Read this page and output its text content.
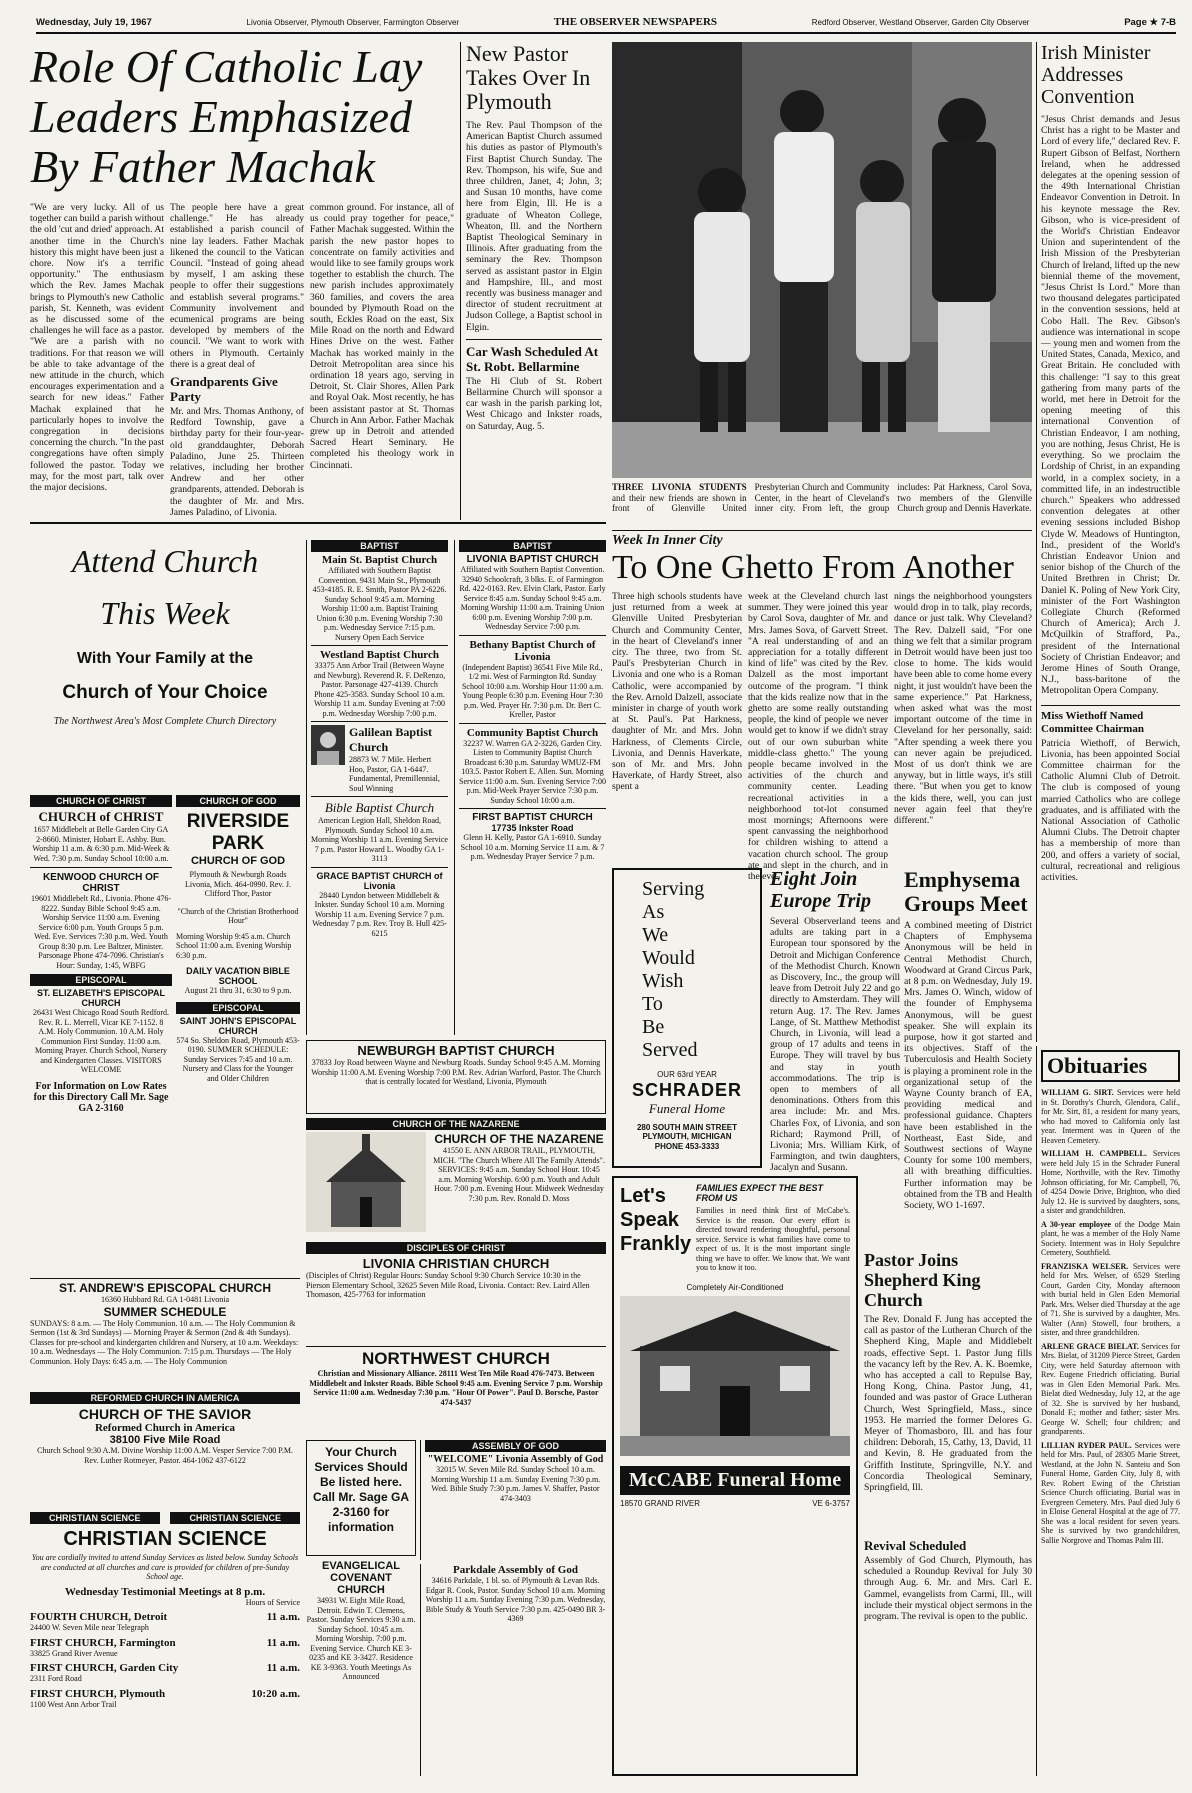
Wednesday, July 19, 1967	Livonia Observer, Plymouth Observer, Farmington Observer	THE OBSERVER NEWSPAPERS	Redford Observer, Westland Observer, Garden City Observer	Page ★ 7-B
Role Of Catholic Lay Leaders Emphasized By Father Machak
"We are very lucky. All of us together can build a parish without the old 'cut and dried' approach. At another time in the Church's history this might have been just a chore. Now it's a terrific opportunity." The enthusiasm which the Rev. James Machak brings to Plymouth's new Catholic parish, St. Kenneth, was evident as he discussed some of the challenges he will face as a pastor. "We are a parish with no traditions. For that reason we will be able to take advantage of the new attitude in the church, which encourages experimentation and a search for new ideas." Father Machak explained that he particularly hopes to involve the congregation in decisions concerning the church. "In the past congregations have often simply followed the pastor. Today we may, for the most part, talk over the major decisions.
The people here have a great challenge." He has already established a parish council of nine lay leaders. Father Machak likened the council to the Vatican Council. "Instead of going ahead by myself, I am asking these people to offer their suggestions and establish several programs." Community involvement and ecumenical programs are being developed by members of the council. "We want to work with others in Plymouth. Certainly there is a great deal of
Grandparents Give Party
Mr. and Mrs. Thomas Anthony, of Redford Township, gave a birthday party for their four-year-old granddaughter, Deborah Paladino, June 25. Thirteen relatives, including her brother Andrew and her other grandparents, attended. Deborah is the daughter of Mr. and Mrs. James Paladino, of Livonia.
common ground. For instance, all of us could pray together for peace," Father Machak suggested. Within the parish the new pastor hopes to concentrate on family activities and would like to see family groups work together to establish the church. The new parish includes approximately 360 families, and covers the area bounded by Plymouth Road on the south, Eckles Road on the east, Six Mile Road on the north and Edward Hines Drive on the west. Father Machak has worked mainly in the Detroit Metropolitan area since his ordination 18 years ago, serving in Detroit, St. Clair Shores, Allen Park and Royal Oak. Most recently, he has been assistant pastor at St. Thomas Church in Ann Arbor. Father Machak grew up in Detroit and attended Sacred Heart Seminary. He completed his theology work in Cincinnati.
New Pastor Takes Over In Plymouth
The Rev. Paul Thompson of the American Baptist Church assumed his duties as pastor of Plymouth's First Baptist Church Sunday. The Rev. Thompson, his wife, Sue and three children, Janet, 4; John, 3; and Susan 10 months, have come here from Elgin, Ill. He is a graduate of Wheaton College, Wheaton, Ill. and the Northern Baptist Theological Seminary in Illinois. After graduating from the seminary the Rev. Thompson served as assistant pastor in Elgin and Hampshire, Ill., and most recently was business manager and director of student recruitment at Judson College, a Baptist school in Elgin.
Car Wash Scheduled At St. Robt. Bellarmine
The Hi Club of St. Robert Bellarmine Church will sponsor a car wash in the parish parking lot, West Chicago and Inkster roads, on Saturday, Aug. 5.
THREE LIVONIA STUDENTS and their new friends are shown in front of Glenville United Presbyterian Church and Community Center, in the heart of Cleveland's inner city. From left, the group includes: Pat Harkness, Carol Sova, two members of the Glenville Church group and Dennis Haverkate.
Irish Minister Addresses Convention
"Jesus Christ demands and Jesus Christ has a right to be Master and Lord of every life," declared Rev. F. Rupert Gibson of Belfast, Northern Ireland, when he addressed delegates at the opening session of the 49th International Christian Endeavor Convention in Detroit. In his keynote message the Rev. Gibson, who is vice-president of the World's Christian Endeavor Union and superintendent of the Irish Mission of the Presbyterian Church of Ireland, lifted up the new biennial theme of the movement, "Jesus Christ Is Lord." More than two thousand delegates participated in the convention sessions, held at Cobo Hall. The Rev. Gibson's audience was international in scope — young men and women from the United States, Canada, Mexico, and Great Britain. He concluded with this challenge: "I say to this great gathering from many parts of the world, met here in Detroit for the opening meeting of this international Convention of Christian Endeavor, I am nothing, you are nothing, Jesus Christ, He is everything. So we proclaim the Lordship of Christ, in an expanding world, in a complex society, in a committed life, in an indestructible church." Speakers who addressed convention delegates at other evening sessions included Bishop Clyde W. Meadows of Huntington, Ind., president of the World's Christian Endeavor Union and senior bishop of the Church of the United Brethren in Christ; Dr. Daniel K. Poling of New York City, minister of the Fort Washington Collegiate Church (Reformed Church of America); Arch J. McQuilkin of Strafford, Pa., president of the International Society of Christian Endeavor; and Jerome Hines of South Orange, N.J., bass-baritone of the Metropolitan Opera Company.
Miss Wiethoff Named Committee Chairman
Patricia Wiethoff, of Berwich, Livonia, has been appointed Social Committee chairman for the Catholic Alumni Club of Detroit. The club is composed of young married Catholics who are college graduates, and is affiliated with the National Association of Catholic Alumni Clubs. The Detroit chapter has a membership of more than 200, and offers a variety of social, cultural, recreational and religious activities.
Obituaries
WILLIAM G. SIRT. Services were held in St. Dorothy's Church, Glendora, Calif., for Mr. Sirt, 81, a resident for many years, who had moved to California only last year. Interment was in Queen of the Heaven Cemetery.
WILLIAM H. CAMPBELL. Services were held July 15 in the Schrader Funeral Home, Northville, with the Rev. Timothy Johnson officiating, for Mr. Campbell, 76, of 4254 Dowie Drive, Brighton, who died July 12. He is survived by daughters, sons, a sister and grandchildren.
A 30-year employee of the Dodge Main plant, he was a member of the Holy Name Society. Interment was in Holy Sepulchre Cemetery, Southfield.
FRANZISKA WELSER. Services were held for Mrs. Welser, of 6529 Sterling Court, Garden City, Monday afternoon with burial held in Glen Eden Memorial Park. Mrs. Welser died Thursday at the age of 71. She is survived by a daughter, Mrs. Walter (Ann) Stowell, four brothers, a sister, and three grandchildren.
ARLENE GRACE BIELAT. Services for Mrs. Bielat, of 31209 Pierce Street, Garden City, were held Saturday afternoon with Rev. Eugene Friedrich officiating. Burial was in Glen Eden Memorial Park. Mrs. Bielat died Wednesday, July 12, at the age of 32. She is survived by her husband, Donald F.; mother and father; sister Mrs. George W. Schell; four children; and grandparents.
LILLIAN RYDER PAUL. Services were held for Mrs. Paul, of 28305 Marie Street, Westland, at the John N. Santeiu and Son Funeral Home, Garden City, July 8, with Rev. Robert Ewing of the Christian Science Church officiating. Burial was in Evergreen Cemetery. Mrs. Paul died July 6 in Eloise General Hospital at the age of 77. She was a local resident for seven years. She is survived by two grandchildren, Sallie Norgrove and Thomas Palm III.
Week In Inner City
To One Ghetto From Another
Three high schools students have just returned from a week at Glenville United Presbyterian Church and Community Center, in the heart of Cleveland's inner city. The three, two from St. Paul's Presbyterian Church in Livonia and one who is a Roman Catholic, were accompanied by the Rev. Arnold Dalzell, associate minister in charge of youth work at St. Paul's. Pat Harkness, daughter of Mr. and Mrs. John Harkness, of Clements Circle, Livonia, and Dennis Haverkate, son of Mr. and Mrs. John Haverkate, of Hardy Street, also spent a
week at the Cleveland church last summer. They were joined this year by Carol Sova, daughter of Mr. and Mrs. James Sova, of Garvett Street. "A real understanding of and an appreciation for a totally different kind of life" was cited by the Rev. Dalzell as the most important outcome of the program. "I think that the kids realize now that in the ghetto are some really outstanding people, the kind of people we never would get to know if we didn't stray out of our own suburban white middle-class ghetto." The young people became involved in the activities of the church and community center. Leading recreational activities in a neighborhood tot-lot consumed most mornings; Afternoons were spent canvassing the neighborhood for children wishing to attend a vacation church school. The group ate and slept in the church, and in the eve-
nings the neighborhood youngsters would drop in to talk, play records, dance or just talk. Why Cleveland? The Rev. Dalzell said, "For one thing we felt that a similar program in Detroit would have been just too close to home. The kids would have been able to come home every night, it just wouldn't have been the same experience." Pat Harkness, when asked what was the most important outcome of the time in Cleveland for her personally, said: "After spending a week there you can never again be prejudiced. Most of us don't think we are anyway, but in little ways, it's still there. "But when you get to know the kids there, well, you can just never again feel that they're different."
Serving
As
We
Would
Wish
To
Be
Served
OUR 63rd YEAR
SCHRADER
Funeral Home
280 SOUTH MAIN STREET
PLYMOUTH, MICHIGAN
PHONE 453-3333
Let's Speak Frankly
FAMILIES EXPECT THE BEST FROM US
Families in need think first of McCabe's. Service is the reason. Our every effort is directed toward rendering thoughtful, personal service. Service is what families have come to expect of us. It is the most important single thing we have to offer. We know that. We want you to know it too.
Completely Air-Conditioned
McCABE Funeral Home
18570 GRAND RIVER	VE 6-3757
Eight Join Europe Trip
Several Observerland teens and adults are taking part in a European tour sponsored by the Detroit and Michigan Conference of the Methodist Church. Known as Discovery, Inc., the group will leave from Detroit July 22 and go directly to Amsterdam. They will return Aug. 17. The Rev. James Lange, of St. Matthew Methodist Church, in Livonia, will lead a group of 17 adults and teens in Europe. They will travel by bus and stay in youth accommodations. The trip is open to members of all denominations. Others from this area include: Mr. and Mrs. Charles Fox, of Livonia, and son Richard; Raymond Prill, of Livonia; Mrs. William Kirk, of Farmington, and twin daughters, Jacalyn and Susann.
Emphysema Groups Meet
A combined meeting of District Chapters of Emphysema Anonymous will be held in Central Methodist Church, Woodward at Grand Circus Park, at 8 p.m. on Wednesday, July 19. Mrs. James O. Winch, widow of the founder of Emphysema Anonymous, will be guest speaker. She will explain its purpose, how it got started and its objectives. Staff of the Tuberculosis and Health Society is playing a prominent role in the organizational setup of the Wayne County branch of EA, providing medical and professional guidance. Chapters have been established in the Northeast, East Side, and Southwest sections of Wayne County for some 100 members, all with breathing difficulties. Further information may be obtained from the TB and Health Society, WO 1-1697.
Pastor Joins Shepherd King Church
The Rev. Donald F. Jung has accepted the call as pastor of the Lutheran Church of the Shepherd King, Maple and Middlebelt roads, effective Sept. 1. Pastor Jung fills the vacancy left by the Rev. A. K. Boemke, who has accepted a call to Repulse Bay, Hong Kong, China. Pastor Jung, 41, founded and was pastor of Grace Lutheran Church, West Springfield, Mass., since 1953. He married the former Delores G. Meyer of Thomasboro, Ill. and has four children: Deborah, 15, Cathy, 13, David, 11 and Kevin, 8. He graduated from the Griffith Institute, Springville, N.Y. and Concordia Theological Seminary, Springfield, Ill.
Revival Scheduled
Assembly of God Church, Plymouth, has scheduled a Roundup Revival for July 30 through Aug. 6. Mr. and Mrs. Carl E. Gammel, evangelists from Carmi, Ill., will include their mystical object sermons in the program. The revival is open to the public.
Attend Church
This Week
With Your Family at the
Church of Your Choice
The Northwest Area's Most Complete Church Directory
CHURCH OF CHRIST
CHURCH of CHRIST
1657 Middlebelt at Belle Garden City GA 2-8660. Minister, Hobart E. Ashby. Bun. Worship 11 a.m. & 6:30 p.m. Mid-Week & Wed. 7:30 p.m. Sunday School 10:00 a.m.
KENWOOD CHURCH OF CHRIST
19601 Middlebelt Rd., Livonia. Phone 476-8222. Sunday Bible School 9:45 a.m. Worship Service 11:00 a.m. Evening Service 6:00 p.m. Youth Groups 5 p.m. Wed. Eve. Services 7:30 p.m. Wed. Youth Group 8:30 p.m. Lee Baltzer, Minister. Parsonage Phone 474-7096. Christian's Hour: Sunday, 1:45, WBFG
EPISCOPAL
ST. ELIZABETH'S EPISCOPAL CHURCH
26431 West Chicago Road South Redford. Rev. R. L. Merrell, Vicar KE 7-1152. 8 A.M. Holy Communion. 10 A.M. Holy Communion First Sunday. 11:00 a.m. Morning Prayer. Church School, Nursery and Kindergarten Classes. VISITORS WELCOME
For Information on Low Rates for this Directory Call Mr. Sage GA 2-3160
CHURCH OF GOD
RIVERSIDE
PARK
CHURCH OF GOD
Plymouth & Newburgh Roads Livonia, Mich. 464-0990. Rev. J. Clifford Thor, Pastor
"Church of the Christian Brotherhood Hour"
Morning Worship 9:45 a.m. Church School 11:00 a.m. Evening Worship 6:30 p.m.
DAILY VACATION BIBLE SCHOOL
August 21 thru 31, 6:30 to 9 p.m.
EPISCOPAL
SAINT JOHN'S EPISCOPAL CHURCH
574 So. Sheldon Road, Plymouth 453-0190. SUMMER SCHEDULE: Sunday Services 7:45 and 10 a.m. Nursery and Class for the Younger and Older Children
ST. ANDREW'S EPISCOPAL CHURCH
16360 Hubbard Rd. GA 1-0481 Livonia
SUMMER SCHEDULE
SUNDAYS: 8 a.m. — The Holy Communion. 10 a.m. — The Holy Communion & Sermon (1st & 3rd Sundays) — Morning Prayer & Sermon (2nd & 4th Sundays). Classes for pre-school and kindergarten children and Nursery, at 10 a.m. Weekdays: 10 a.m. Wednesdays — The Holy Communion. 7:15 p.m. Thursdays — The Holy Communion. Holy Days: 6:45 a.m. — The Holy Communion
REFORMED CHURCH IN AMERICA
CHURCH OF THE SAVIOR
Reformed Church in America
38100 Five Mile Road
Church School 9:30 A.M. Divine Worship 11:00 A.M. Vesper Service 7:00 P.M. Rev. Luther Rotmeyer, Pastor. 464-1062 437-6122
CHRISTIAN SCIENCE	CHRISTIAN SCIENCE
CHRISTIAN SCIENCE
You are cordially invited to attend Sunday Services as listed below. Sunday Schools are conducted at all churches and care is provided for children of pre-Sunday School age.
Wednesday Testimonial Meetings at 8 p.m.
Hours of Service
FOURTH CHURCH, Detroit	11 a.m.
24400 W. Seven Mile near Telegraph
FIRST CHURCH, Farmington	11 a.m.
33825 Grand River Avenue
FIRST CHURCH, Garden City	11 a.m.
2311 Ford Road
FIRST CHURCH, Plymouth	10:20 a.m.
1100 West Ann Arbor Trail
BAPTIST
Main St. Baptist Church
Affiliated with Southern Baptist Convention. 9431 Main St., Plymouth 453-4185. R. E. Smith, Pastor PA 2-6226. Sunday School 9:45 a.m. Morning Worship 11:00 a.m. Baptist Training Union 6:30 p.m. Evening Worship 7:30 p.m. Wednesday Service 7:15 p.m. Nursery Open Each Service
Westland Baptist Church
33375 Ann Arbor Trail (Between Wayne and Newburg). Reverend R. F. DeRenzo, Pastor. Parsonage 427-4139. Church Phone 425-3583. Sunday School 10 a.m. Worship 11 a.m. Sunday Evening at 7:00 p.m. Wednesday Worship 7:00 p.m.
Galilean Baptist Church
28873 W. 7 Mile. Herbert Hoo, Pastor, GA 1-6447. Fundamental, Premillennial, Soul Winning
Bible Baptist Church
American Legion Hall, Sheldon Road, Plymouth. Sunday School 10 a.m. Morning Worship 11 a.m. Evening Service 7 p.m. Pastor Howard L. Woodby GA 1-3113
GRACE BAPTIST CHURCH of Livonia
28440 Lyndon between Middlebelt & Inkster. Sunday School 10 a.m. Morning Worship 11 a.m. Evening Service 7 p.m. Wednesday 7 p.m. Rev. Troy B. Hull 425-6215
BAPTIST
LIVONIA BAPTIST CHURCH
Affiliated with Southern Baptist Convention. 32940 Schoolcraft, 3 blks. E. of Farmington Rd. 422-0163. Rev. Elvin Clark, Pastor. Early Service 8:45 a.m. Sunday School 9:45 a.m. Morning Worship 11:00 a.m. Training Union 6:00 p.m. Evening Worship 7:00 p.m. Wednesday Service 7:00 p.m.
Bethany Baptist Church of Livonia
(Independent Baptist) 36541 Five Mile Rd., 1/2 mi. West of Farmington Rd. Sunday School 10:00 a.m. Worship Hour 11:00 a.m. Young People 6:30 p.m. Evening Hour 7:30 p.m. Wed. Prayer Hr. 7:30 p.m. Dr. Bert C. Kreller, Pastor
Community Baptist Church
32237 W. Warren GA 2-3226, Garden City. Listen to Community Baptist Church Broadcast 6:30 p.m. Saturday WMUZ-FM 103.5. Pastor Robert E. Allen. Sun. Morning Service 11:00 a.m. Sun. Evening Service 7:00 p.m. Mid-Week Prayer Service 7:30 p.m. Sunday School 10:00 a.m.
FIRST BAPTIST CHURCH
17735 Inkster Road
Glenn H. Kelly, Pastor GA 1-6910. Sunday School 10 a.m. Morning Service 11 a.m. & 7 p.m. Wednesday Prayer Service 7 p.m.
NEWBURGH BAPTIST CHURCH
37833 Joy Road between Wayne and Newburg Roads. Sunday School 9:45 A.M. Morning Worship 11:00 A.M. Evening Worship 7:00 P.M. Rev. Adrian Warford, Pastor. The Church that is centrally located for Westland, Livonia, Plymouth
CHURCH OF THE NAZARENE
CHURCH OF THE NAZARENE
41550 E. ANN ARBOR TRAIL, PLYMOUTH, MICH. "The Church Where All The Family Attends". SERVICES: 9:45 a.m. Sunday School Hour. 10:45 a.m. Morning Worship. 6:00 p.m. Youth and Adult Hour. 7:00 p.m. Evening Hour. Midweek Wednesday 7:30 p.m. Rev. Ronald D. Moss
DISCIPLES OF CHRIST
LIVONIA CHRISTIAN CHURCH
(Disciples of Christ) Regular Hours: Sunday School 9:30 Church Service 10:30 in the Pierson Elementary School, 32625 Seven Mile Road, Livonia. Contact: Rev. Laird Allen Thomason, 425-7763 for information
NORTHWEST CHURCH
Christian and Missionary Alliance. 28111 West Ten Mile Road 476-7473. Between Middlebelt and Inkster Roads. Bible School 9:45 a.m. Evening Service 7 p.m. Worship Service 11:00 a.m. Wednesday 7:30 p.m. "Hour Of Power". Paul D. Borsche, Pastor 474-5437
Your Church Services Should Be listed here. Call Mr. Sage GA 2-3160 for information
EVANGELICAL COVENANT CHURCH
34931 W. Eight Mile Road, Detroit. Edwin T. Clemens, Pastor. Sunday Services 9:30 a.m. Sunday School. 10:45 a.m. Morning Worship. 7:00 p.m. Evening Service. Church KE 3-0235 and KE 3-3427. Residence KE 3-9363. Youth Meetings As Announced
ASSEMBLY OF GOD
"WELCOME" Livonia Assembly of God
32015 W. Seven Mile Rd. Sunday School 10 a.m. Morning Worship 11 a.m. Sunday Evening 7:30 p.m. Wed. Bible Study 7:30 p.m. James V. Shaffer, Pastor 474-3403
Parkdale Assembly of God
34616 Parkdale, 1 bl. so. of Plymouth & Levan Rds. Edgar R. Cook, Pastor. Sunday School 10 a.m. Morning Worship 11 a.m. Sunday Evening 7:30 p.m. Wednesday, Bible Study & Youth Service 7:30 p.m. 425-0490 BR 3-4369
